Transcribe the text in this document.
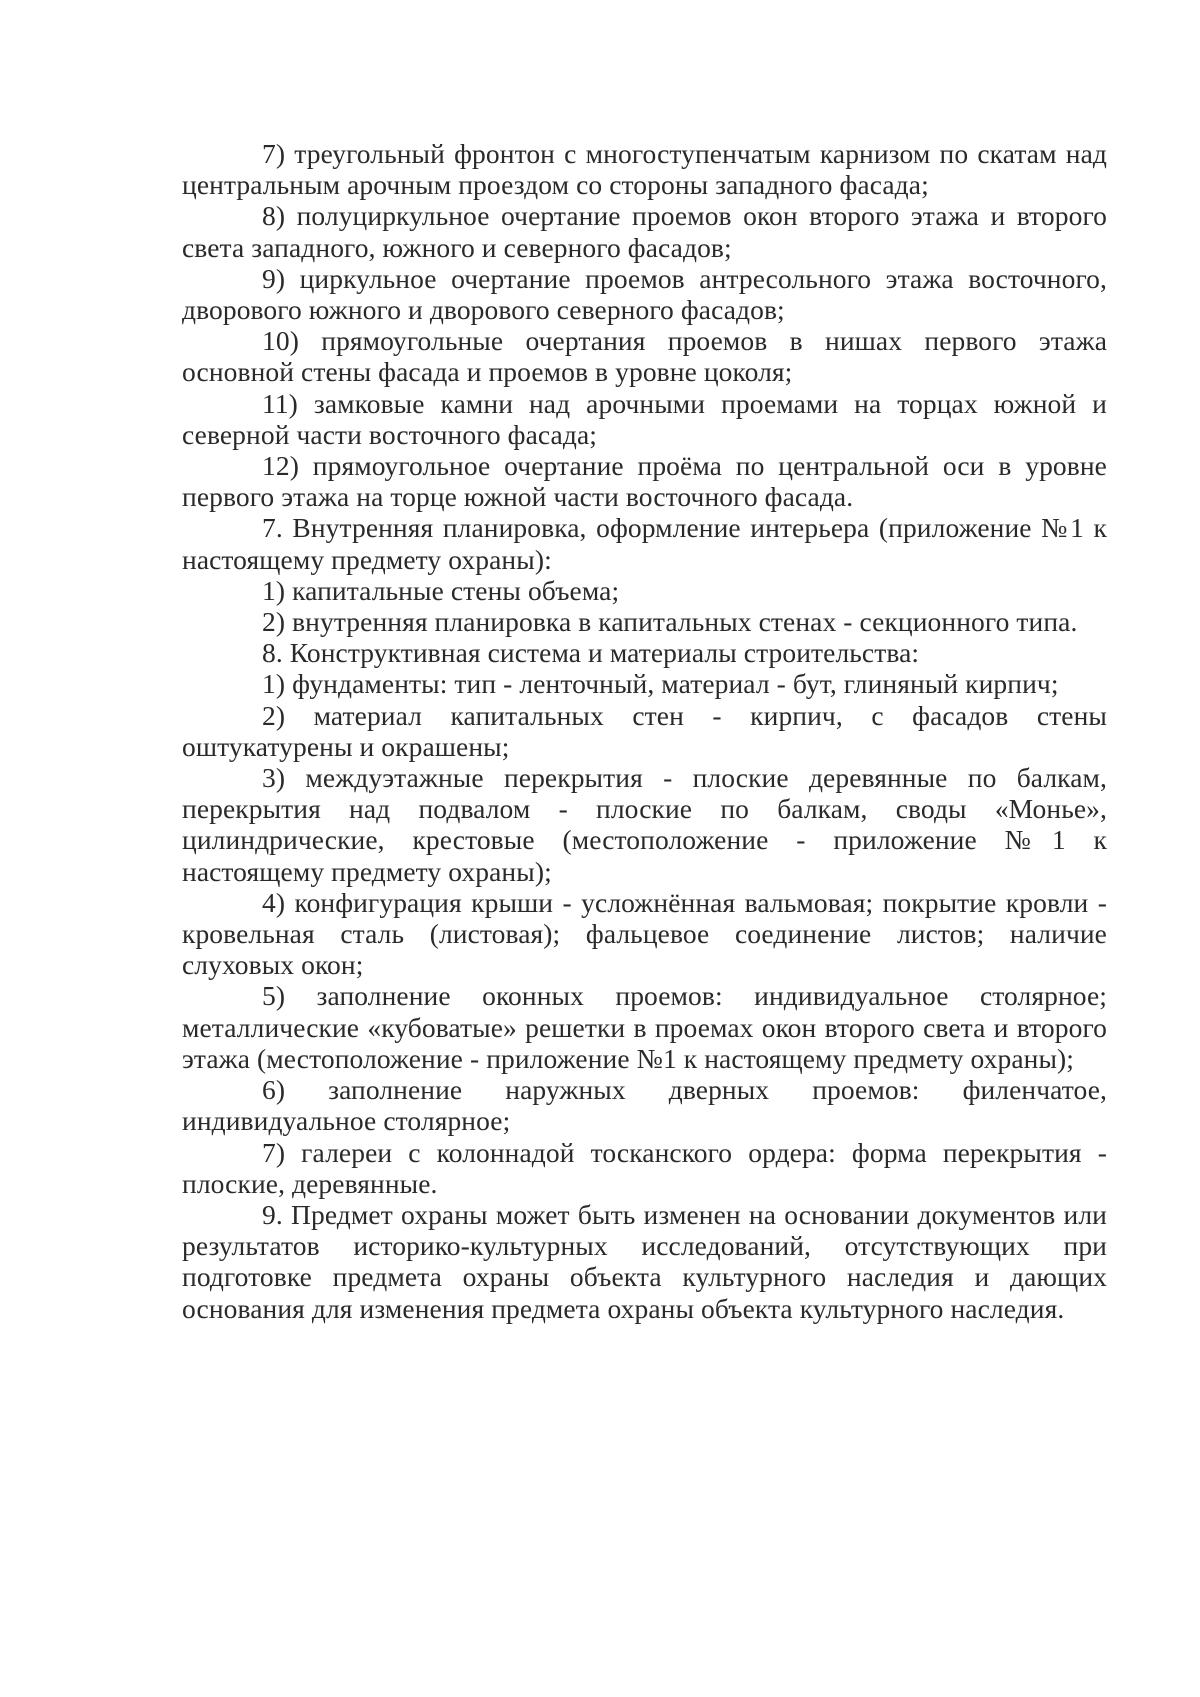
7) треугольный фронтон с многоступенчатым карнизом по скатам над центральным арочным проездом со стороны западного фасада;

8) полуциркульное очертание проемов окон второго этажа и второго света западного, южного и северного фасадов;

9) циркульное очертание проемов антресольного этажа восточного, дворового южного и дворового северного фасадов;

10) прямоугольные очертания проемов в нишах первого этажа основной стены фасада и проемов в уровне цоколя;

11) замковые камни над арочными проемами на торцах южной и северной части восточного фасада;

12) прямоугольное очертание проёма по центральной оси в уровне первого этажа на торце южной части восточного фасада.

7. Внутренняя планировка, оформление интерьера (приложение №1 к настоящему предмету охраны):

1) капитальные стены объема;

2) внутренняя планировка в капитальных стенах - секционного типа.

8. Конструктивная система и материалы строительства:

1) фундаменты: тип - ленточный, материал - бут, глиняный кирпич;

2) материал капитальных стен - кирпич, с фасадов стены оштукатурены и окрашены;

3) междуэтажные перекрытия - плоские деревянные по балкам, перекрытия над подвалом - плоские по балкам, своды «Монье», цилиндрические, крестовые (местоположение - приложение №1 к настоящему предмету охраны);

4) конфигурация крыши - усложнённая вальмовая; покрытие кровли - кровельная сталь (листовая); фальцевое соединение листов; наличие слуховых окон;

5) заполнение оконных проемов: индивидуальное столярное; металлические «кубоватые» решетки в проемах окон второго света и второго этажа (местоположение - приложение №1 к настоящему предмету охраны);

6) заполнение наружных дверных проемов: филенчатое, индивидуальное столярное;

7) галереи с колоннадой тосканского ордера: форма перекрытия - плоские, деревянные.

9. Предмет охраны может быть изменен на основании документов или результатов историко-культурных исследований, отсутствующих при подготовке предмета охраны объекта культурного наследия и дающих основания для изменения предмета охраны объекта культурного наследия.
